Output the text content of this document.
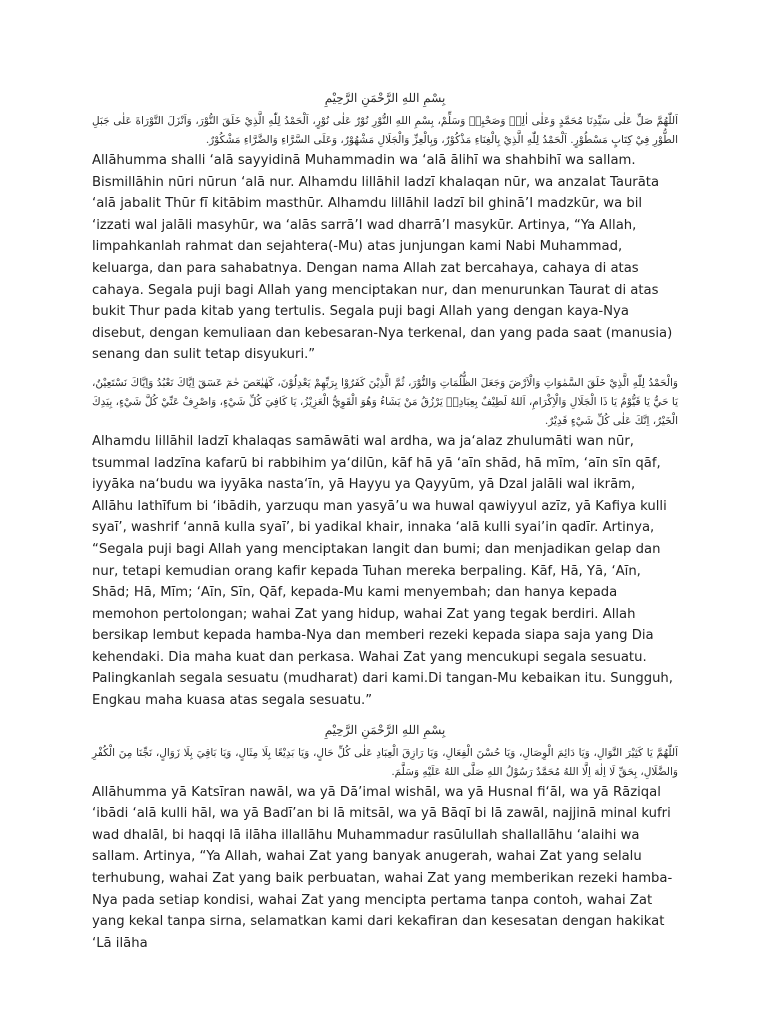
بِسْمِ اللهِ الرَّحْمَنِ الرَّحِيْمِ

اَللّٰهُمَّ صَلِّ عَلٰى سَيِّدِنَا مُحَمَّدٍ وَعَلٰى اٰلِهٖ وَصَحْبِهٖ وَسَلِّمْ، بِسْمِ اللهِ النُّوْرِ نُوْرٌ عَلٰى نُوْرٍ، اَلْحَمْدُ لِلّٰهِ الَّذِيْ خَلَقَ النُّوْرَ، وَاَنْزَلَ التَّوْرَاةَ عَلٰى جَبَلِ الطُّوْرِ فِيْ كِتَابٍ مَسْطُوْرٍ. اَلْحَمْدُ لِلّٰهِ الَّذِيْ بِالْغِنَاءِ مَذْكُوْرٌ، وَبِالْعِزِّ وَالْجَلَالِ مَشْهُوْرٌ، وَعَلَى السَّرَّاءِ وَالضَّرَّاءِ مَشْكُوْرٌ.

Allāhumma shalli ‘alā sayyidinā Muhammadin wa ‘alā ālihī wa shahbihī wa sallam. Bismillāhin nūri nūrun ‘alā nur. Alhamdu lillāhil ladzī khalaqan nūr, wa anzalat Taurāta ‘alā jabalit Thūr fī kitābim masthūr. Alhamdu lillāhil ladzī bil ghinā’I madzkūr, wa bil ‘izzati wal jalāli masyhūr, wa ‘alās sarrā’I wad dharrā’I masykūr. Artinya, “Ya Allah, limpahkanlah rahmat dan sejahtera(-Mu) atas junjungan kami Nabi Muhammad, keluarga, dan para sahabatnya. Dengan nama Allah zat bercahaya, cahaya di atas cahaya. Segala puji bagi Allah yang menciptakan nur, dan menurunkan Taurat di atas bukit Thur pada kitab yang tertulis. Segala puji bagi Allah yang dengan kaya-Nya disebut, dengan kemuliaan dan kebesaran-Nya terkenal, dan yang pada saat (manusia) senang dan sulit tetap disyukuri.”

وَالْحَمْدُ لِلّٰهِ الَّذِيْ خَلَقَ السَّمٰوَاتِ وَالْاَرْضَ وَجَعَلَ الظُّلُمَاتِ وَالنُّوْرَ، ثُمَّ الَّذِيْنَ كَفَرُوْا بِرَبِّهِمْ يَعْدِلُوْنَ، كٓهٰيٰعٓصٓ حٰمٓ عٓسٓقٓ اِيَّاكَ نَعْبُدُ وَاِيَّاكَ نَسْتَعِيْنُ، يَا حَيُّ يَا قَيُّوْمُ يَا ذَا الْجَلَالِ وَالْاِكْرَامِ، اَللهُ لَطِيْفٌ بِعِبَادِهٖ يَرْزُقُ مَنْ يَشَاءُ وَهُوَ الْقَوِيُّ الْعَزِيْزُ، يَا كَافِيَ كُلِّ شَيْءٍ، وَاصْرِفْ عَنِّيْ كُلَّ شَيْءٍ، بِيَدِكَ الْخَيْرُ، اِنَّكَ عَلٰى كُلِّ شَيْءٍ قَدِيْرٌ.

Alhamdu lillāhil ladzī khalaqas samāwāti wal ardha, wa ja‘alaz zhulumāti wan nūr, tsummal ladzīna kafarū bi rabbihim ya‘dilūn, kāf hā yā ‘aīn shād, hā mīm, ‘aīn sīn qāf, iyyāka na‘budu wa iyyāka nasta‘īn, yā Hayyu ya Qayyūm, yā Dzal jalāli wal ikrām, Allāhu lathīfum bi ‘ibādih, yarzuqu man yasyā’u wa huwal qawiyyul azīz, yā Kafiya kulli syaī’, washrif ‘annā kulla syaī’, bi yadikal khair, innaka ‘alā kulli syai’in qadīr. Artinya, “Segala puji bagi Allah yang menciptakan langit dan bumi; dan menjadikan gelap dan nur, tetapi kemudian orang kafir kepada Tuhan mereka berpaling. Kāf, Hā, Yā, ‘Aīn, Shād; Hā, Mīm; ‘Aīn, Sīn, Qāf, kepada-Mu kami menyembah; dan hanya kepada memohon pertolongan; wahai Zat yang hidup, wahai Zat yang tegak berdiri. Allah bersikap lembut kepada hamba-Nya dan memberi rezeki kepada siapa saja yang Dia kehendaki. Dia maha kuat dan perkasa. Wahai Zat yang mencukupi segala sesuatu. Palingkanlah segala sesuatu (mudharat) dari kami.Di tangan-Mu kebaikan itu. Sungguh, Engkau maha kuasa atas segala sesuatu.”

بِسْمِ اللهِ الرَّحْمَنِ الرَّحِيْمِ

اَللّٰهُمَّ يَا كَثِيْرَ النَّوَالِ، وَيَا دَائِمَ الْوِصَالِ، وَيَا حُسْنَ الْفِعَالِ، وَيَا رَازِقَ الْعِبَادِ عَلٰى كُلِّ حَالٍ، وَيَا بَدِيْعًا بِلَا مِثَالٍ، وَيَا بَاقِيَ بِلَا زَوَالٍ، نَجِّنَا مِنَ الْكُفْرِ وَالضَّلَالِ، بِحَقِّ لَا اِلٰهَ اِلَّا اللهُ مُحَمَّدٌ رَسُوْلُ اللهِ صَلَّى اللهُ عَلَيْهِ وَسَلَّمَ.

Allāhumma yā Katsīran nawāl, wa yā Dā’imal wishāl, wa yā Husnal fi‘āl, wa yā Rāziqal ‘ibādi ‘alā kulli hāl, wa yā Badī’an bi lā mitsāl, wa yā Bāqī bi lā zawāl, najjinā minal kufri wad dhalāl, bi haqqi lā ilāha illallāhu Muhammadur rasūlullah shallallāhu ‘alaihi wa sallam. Artinya, “Ya Allah, wahai Zat yang banyak anugerah, wahai Zat yang selalu terhubung, wahai Zat yang baik perbuatan, wahai Zat yang memberikan rezeki hamba-Nya pada setiap kondisi, wahai Zat yang mencipta pertama tanpa contoh, wahai Zat yang kekal tanpa sirna, selamatkan kami dari kekafiran dan kesesatan dengan hakikat ‘Lā ilāha
